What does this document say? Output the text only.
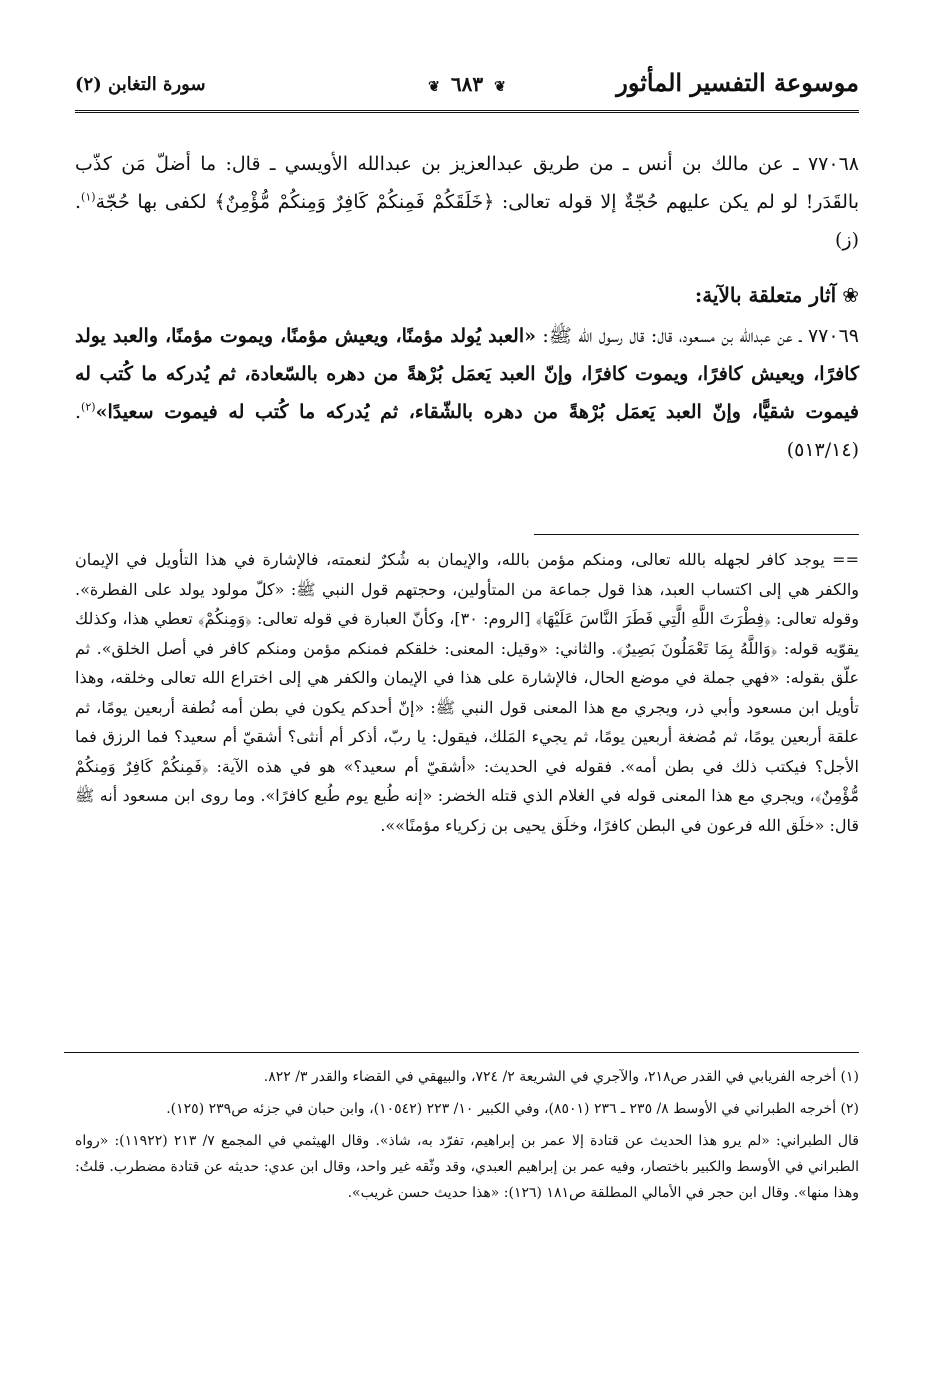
موسوعة التفسير المأثور
❦ ٦٨٣ ❦
سورة التغابن (٢)

٧٧٠٦٨ ـ عن مالك بن أنس ـ من طريق عبدالعزيز بن عبدالله الأويسي ـ قال: ما أضلّ مَن كذّب بالقَدَر! لو لم يكن عليهم حُجّةٌ إلا قوله تعالى: ﴿خَلَقَكُمْ فَمِنكُمْ كَافِرٌ وَمِنكُمْ مُّؤْمِنٌ﴾ لكفى بها حُجّة$^{(١)}$. (ز)

❀آثار متعلقة بالآية:

٧٧٠٦٩ ـ عن عبدالله بن مسعود، قال: قال رسول الله ﷺ: «العبد يُولد مؤمنًا، ويعيش مؤمنًا، ويموت مؤمنًا، والعبد يولد كافرًا، ويعيش كافرًا، ويموت كافرًا، وإنّ العبد يَعمَل بُرْهةً من دهره بالسّعادة، ثم يُدركه ما كُتب له فيموت شقيًّا، وإنّ العبد يَعمَل بُرْهةً من دهره بالشّقاء، ثم يُدركه ما كُتب له فيموت سعيدًا»$^{(٢)}$. (٥١٣/١٤)

== يوجد كافر لجهله بالله تعالى، ومنكم مؤمن بالله، والإيمان به شُكرٌ لنعمته، فالإشارة في هذا التأويل في الإيمان والكفر هي إلى اكتساب العبد، هذا قول جماعة من المتأولين، وحجتهم قول النبي ﷺ: «كلّ مولود يولد على الفطرة». وقوله تعالى: ﴿فِطْرَتَ اللَّهِ الَّتِي فَطَرَ النَّاسَ عَلَيْهَا﴾ [الروم: ٣٠]، وكأنّ العبارة في قوله تعالى: ﴿وَمِنكُمْ﴾ تعطي هذا، وكذلك يقوّيه قوله: ﴿وَاللَّهُ بِمَا تَعْمَلُونَ بَصِيرٌ﴾. والثاني: «وقيل: المعنى: خلقكم فمنكم مؤمن ومنكم كافر في أصل الخلق». ثم علّق بقوله: «فهي جملة في موضع الحال، فالإشارة على هذا في الإيمان والكفر هي إلى اختراع الله تعالى وخلقه، وهذا تأويل ابن مسعود وأبي ذر، ويجري مع هذا المعنى قول النبي ﷺ: «إنّ أحدكم يكون في بطن أمه نُطفة أربعين يومًا، ثم علقة أربعين يومًا، ثم مُضغة أربعين يومًا، ثم يجيء المَلك، فيقول: يا ربّ، أذكر أم أنثى؟ أشقيّ أم سعيد؟ فما الرزق فما الأجل؟ فيكتب ذلك في بطن أمه». فقوله في الحديث: «أشقيّ أم سعيد؟» هو في هذه الآية: ﴿فَمِنكُمْ كَافِرٌ وَمِنكُمْ مُّؤْمِنٌ﴾، ويجري مع هذا المعنى قوله في الغلام الذي قتله الخضر: «إنه طُبع يوم طُبع كافرًا». وما روى ابن مسعود أنه ﷺ قال: «خلَق الله فرعون في البطن كافرًا، وخلَق يحيى بن زكرياء مؤمنًا»».

(١) أخرجه الفريابي في القدر ص٢١٨، والآجري في الشريعة ٢/ ٧٢٤، والبيهقي في القضاء والقدر ٣/ ٨٢٢.

(٢) أخرجه الطبراني في الأوسط ٨/ ٢٣٥ ـ ٢٣٦ (٨٥٠١)، وفي الكبير ١٠/ ٢٢٣ (١٠٥٤٢)، وابن حبان في جزئه ص٢٣٩ (١٢٥).

قال الطبراني: «لم يرو هذا الحديث عن قتادة إلا عمر بن إبراهيم، تفرّد به، شاذ». وقال الهيثمي في المجمع ٧/ ٢١٣ (١١٩٢٢): «رواه الطبراني في الأوسط والكبير باختصار، وفيه عمر بن إبراهيم العبدي، وقد وثّقه غير واحد، وقال ابن عدي: حديثه عن قتادة مضطرب. قلتُ: وهذا منها». وقال ابن حجر في الأمالي المطلقة ص١٨١ (١٢٦): «هذا حديث حسن غريب».
